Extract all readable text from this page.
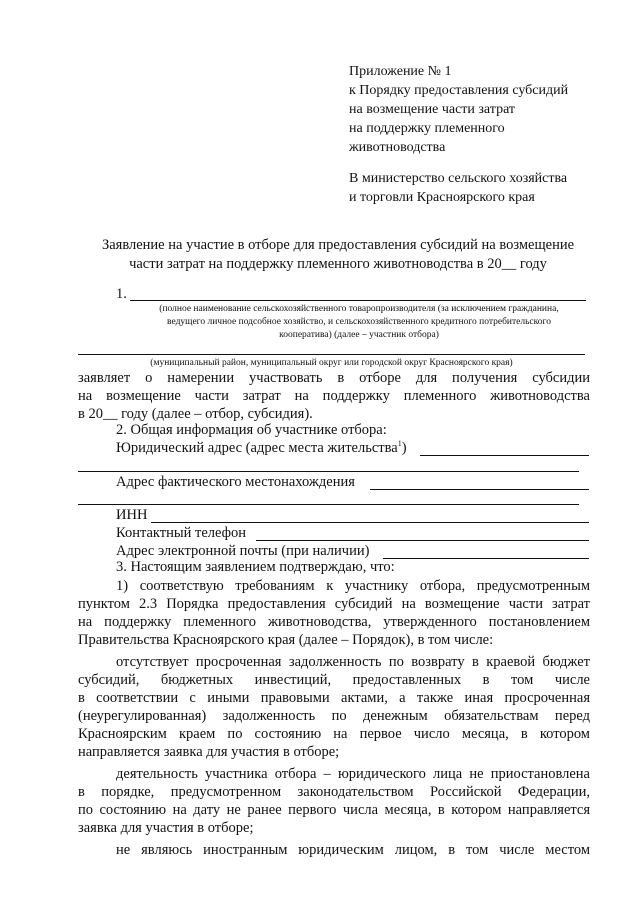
Приложение № 1
к Порядку предоставления субсидий
на возмещение части затрат
на поддержку племенного
животноводства
В министерство сельского хозяйства
и торговли Красноярского края
Заявление на участие в отборе для предоставления субсидий на возмещение
части затрат на поддержку племенного животноводства в 20__ году
1.
(полное наименование сельскохозяйственного товаропроизводителя (за исключением гражданина,
ведущего личное подсобное хозяйство, и сельскохозяйственного кредитного потребительского
кооператива) (далее – участник отбора)
(муниципальный район, муниципальный округ или городской округ Красноярского края)
заявляет о намерении участвовать в отборе для получения субсидии
на возмещение части затрат на поддержку племенного животноводства
в 20__ году (далее – отбор, субсидия).
2. Общая информация об участнике отбора:
Юридический адрес (адрес места жительства$^1$)
Адрес фактического местонахождения
ИНН
Контактный телефон
Адрес электронной почты (при наличии)
3. Настоящим заявлением подтверждаю, что:
1) соответствую требованиям к участнику отбора, предусмотренным
пунктом 2.3 Порядка предоставления субсидий на возмещение части затрат
на поддержку племенного животноводства, утвержденного постановлением
Правительства Красноярского края (далее – Порядок), в том числе:
отсутствует просроченная задолженность по возврату в краевой бюджет
субсидий, бюджетных инвестиций, предоставленных в том числе
в соответствии с иными правовыми актами, а также иная просроченная
(неурегулированная) задолженность по денежным обязательствам перед
Красноярским краем по состоянию на первое число месяца, в котором
направляется заявка для участия в отборе;
деятельность участника отбора – юридического лица не приостановлена
в порядке, предусмотренном законодательством Российской Федерации,
по состоянию на дату не ранее первого числа месяца, в котором направляется
заявка для участия в отборе;
не являюсь иностранным юридическим лицом, в том числе местом
